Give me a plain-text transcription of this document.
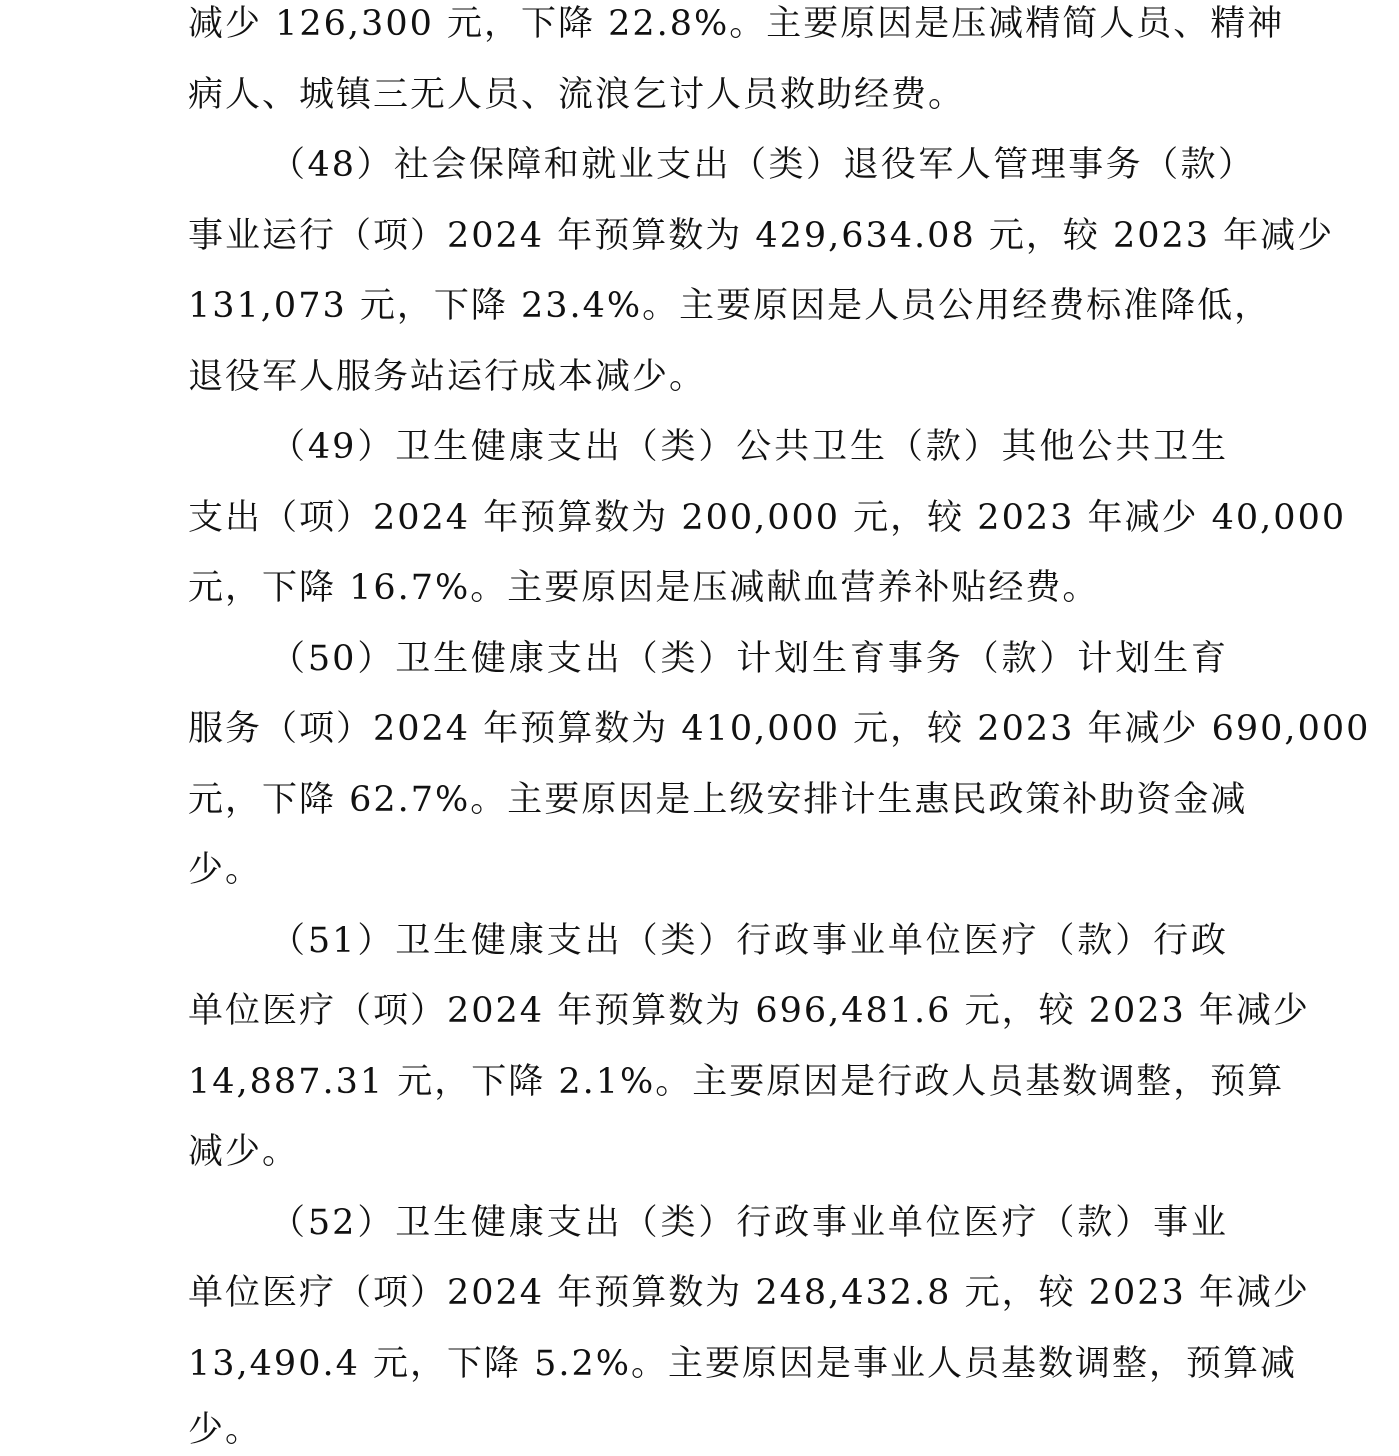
减少 126,300 元，下降 22.8%。主要原因是压减精简人员、精神
病人、城镇三无人员、流浪乞讨人员救助经费。
（48）社会保障和就业支出（类）退役军人管理事务（款）
事业运行（项）2024 年预算数为 429,634.08 元，较 2023 年减少
131,073 元，下降 23.4%。主要原因是人员公用经费标准降低，
退役军人服务站运行成本减少。
（49）卫生健康支出（类）公共卫生（款）其他公共卫生
支出（项）2024 年预算数为 200,000 元，较 2023 年减少 40,000
元，下降 16.7%。主要原因是压减献血营养补贴经费。
（50）卫生健康支出（类）计划生育事务（款）计划生育
服务（项）2024 年预算数为 410,000 元，较 2023 年减少 690,000
元，下降 62.7%。主要原因是上级安排计生惠民政策补助资金减
少。
（51）卫生健康支出（类）行政事业单位医疗（款）行政
单位医疗（项）2024 年预算数为 696,481.6 元，较 2023 年减少
14,887.31 元，下降 2.1%。主要原因是行政人员基数调整，预算
减少。
（52）卫生健康支出（类）行政事业单位医疗（款）事业
单位医疗（项）2024 年预算数为 248,432.8 元，较 2023 年减少
13,490.4 元，下降 5.2%。主要原因是事业人员基数调整，预算减
少。
